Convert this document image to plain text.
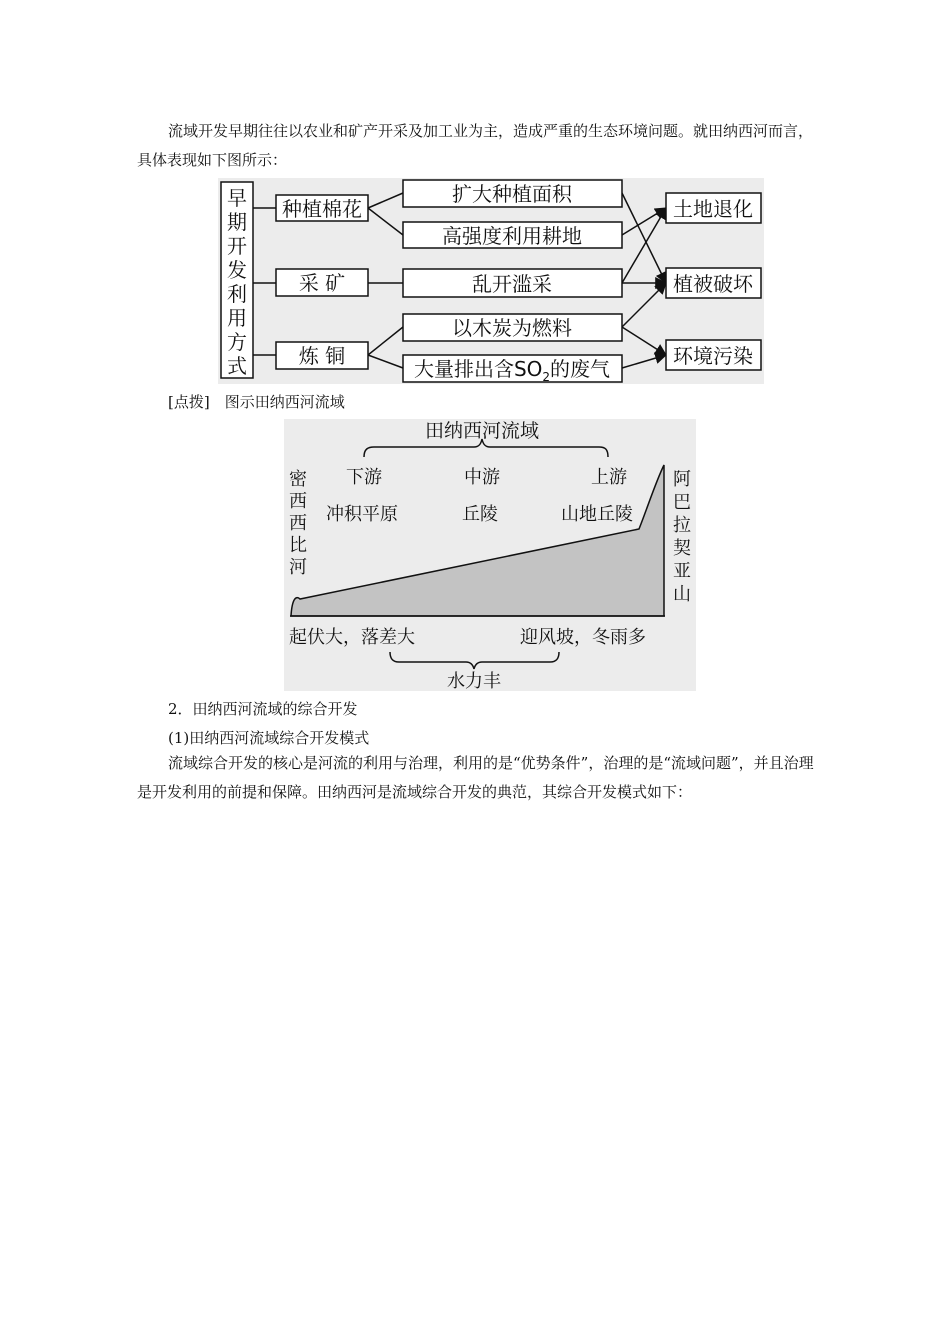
流域开发早期往往以农业和矿产开采及加工业为主，造成严重的生态环境问题。就田纳西河而言，具体表现如下图所示：
早
期
开
发
利
用
方
式
种植棉花
采 矿
炼 铜
扩大种植面积
高强度利用耕地
乱开滥采
以木炭为燃料
大量排出含$SO_2$的废气
土地退化
植被破坏
环境污染
[点拨]　图示田纳西河流域
田纳西河流域
下游	中游	上游
冲积平原	丘陵	山地丘陵
密
西
西
比
河
阿
巴
拉
契
亚
山
起伏大，落差大	迎风坡，冬雨多
水力丰
2．田纳西河流域的综合开发
(1)田纳西河流域综合开发模式
流域综合开发的核心是河流的利用与治理，利用的是“优势条件”，治理的是“流域问题”，并且治理是开发利用的前提和保障。田纳西河是流域综合开发的典范，其综合开发模式如下：
